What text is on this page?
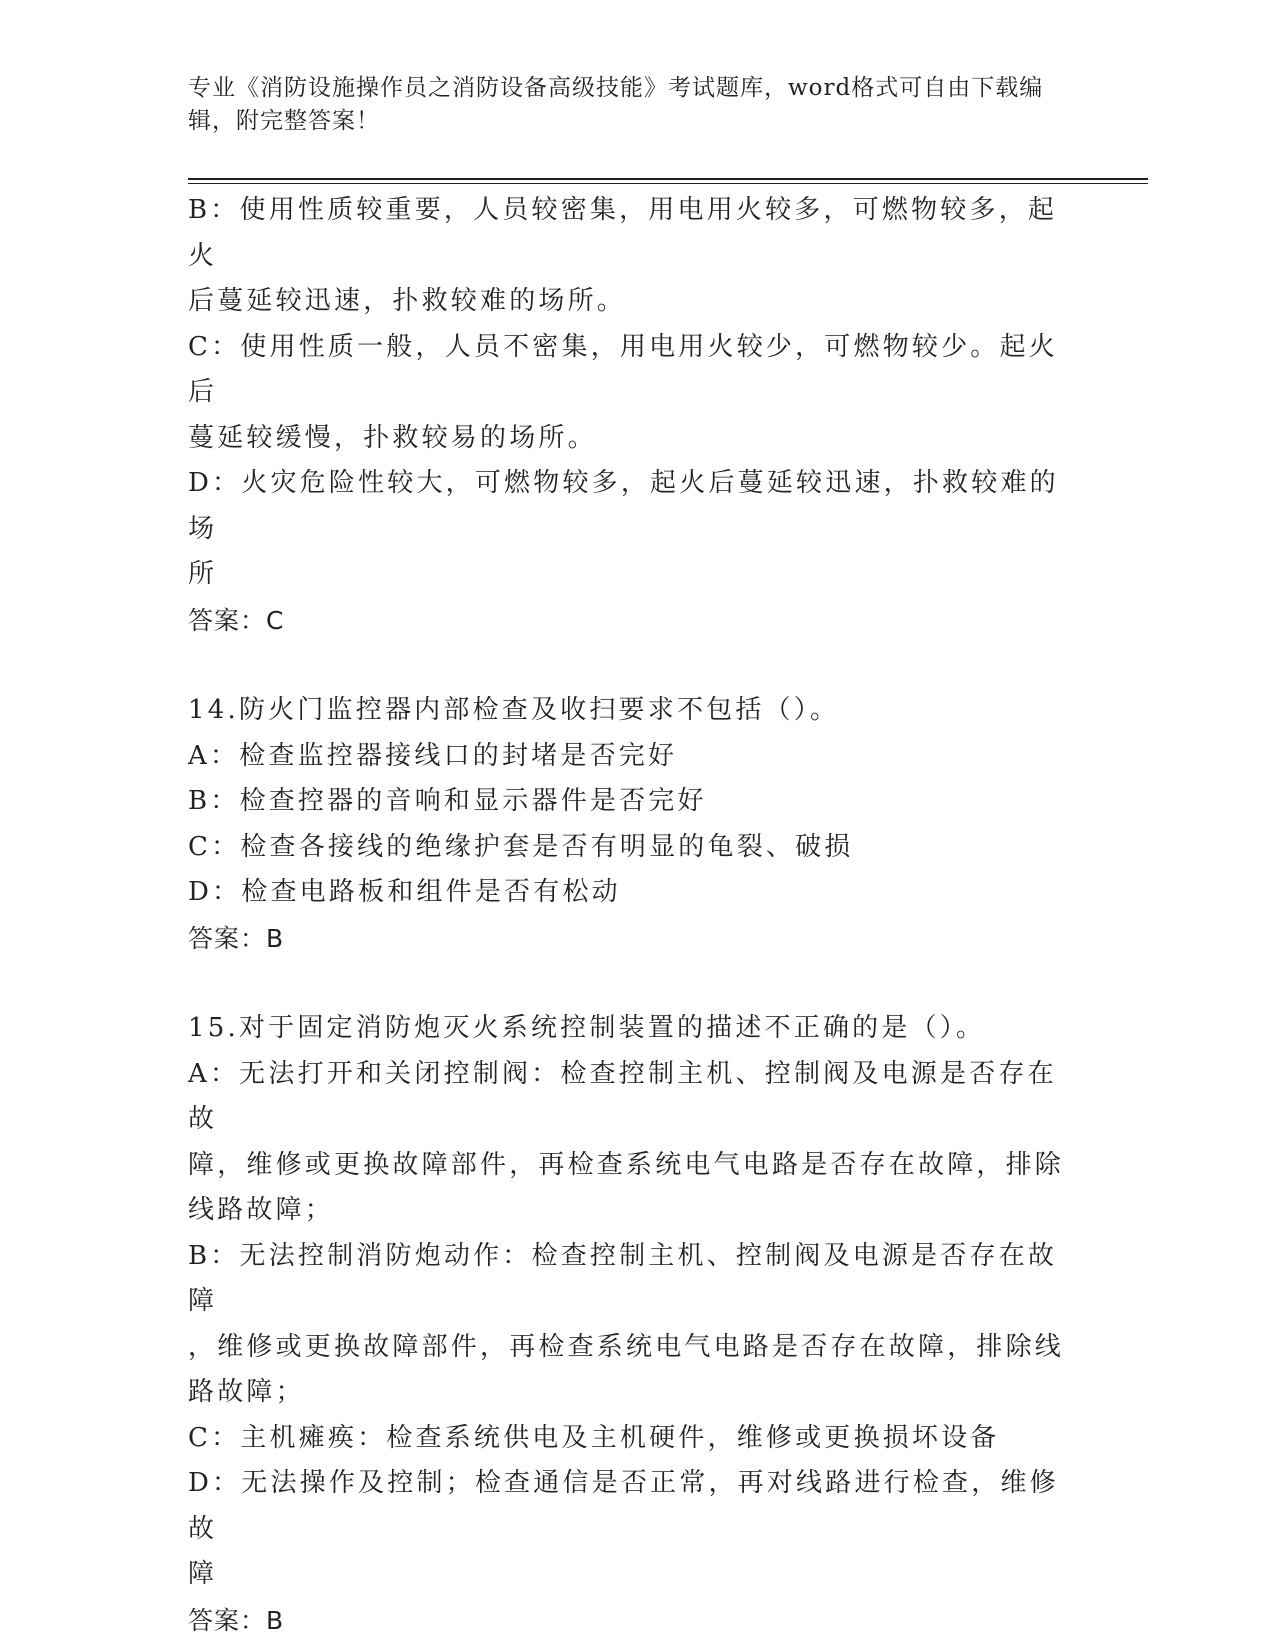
专业《消防设施操作员之消防设备高级技能》考试题库，word格式可自由下载编辑，附完整答案！
B：使用性质较重要，人员较密集，用电用火较多，可燃物较多，起火
后蔓延较迅速，扑救较难的场所。
C：使用性质一般，人员不密集，用电用火较少，可燃物较少。起火后
蔓延较缓慢，扑救较易的场所。
D：火灾危险性较大，可燃物较多，起火后蔓延较迅速，扑救较难的场
所
答案：C
14.防火门监控器内部检查及收扫要求不包括（）。
A：检查监控器接线口的封堵是否完好
B：检查控器的音响和显示器件是否完好
C：检查各接线的绝缘护套是否有明显的龟裂、破损
D：检查电路板和组件是否有松动
答案：B
15.对于固定消防炮灭火系统控制装置的描述不正确的是（）。
A：无法打开和关闭控制阀：检查控制主机、控制阀及电源是否存在故
障，维修或更换故障部件，再检查系统电气电路是否存在故障，排除
线路故障；
B：无法控制消防炮动作：检查控制主机、控制阀及电源是否存在故障
，维修或更换故障部件，再检查系统电气电路是否存在故障，排除线
路故障；
C：主机瘫痪：检查系统供电及主机硬件，维修或更换损坏设备
D：无法操作及控制；检查通信是否正常，再对线路进行检查，维修故
障
答案：B
